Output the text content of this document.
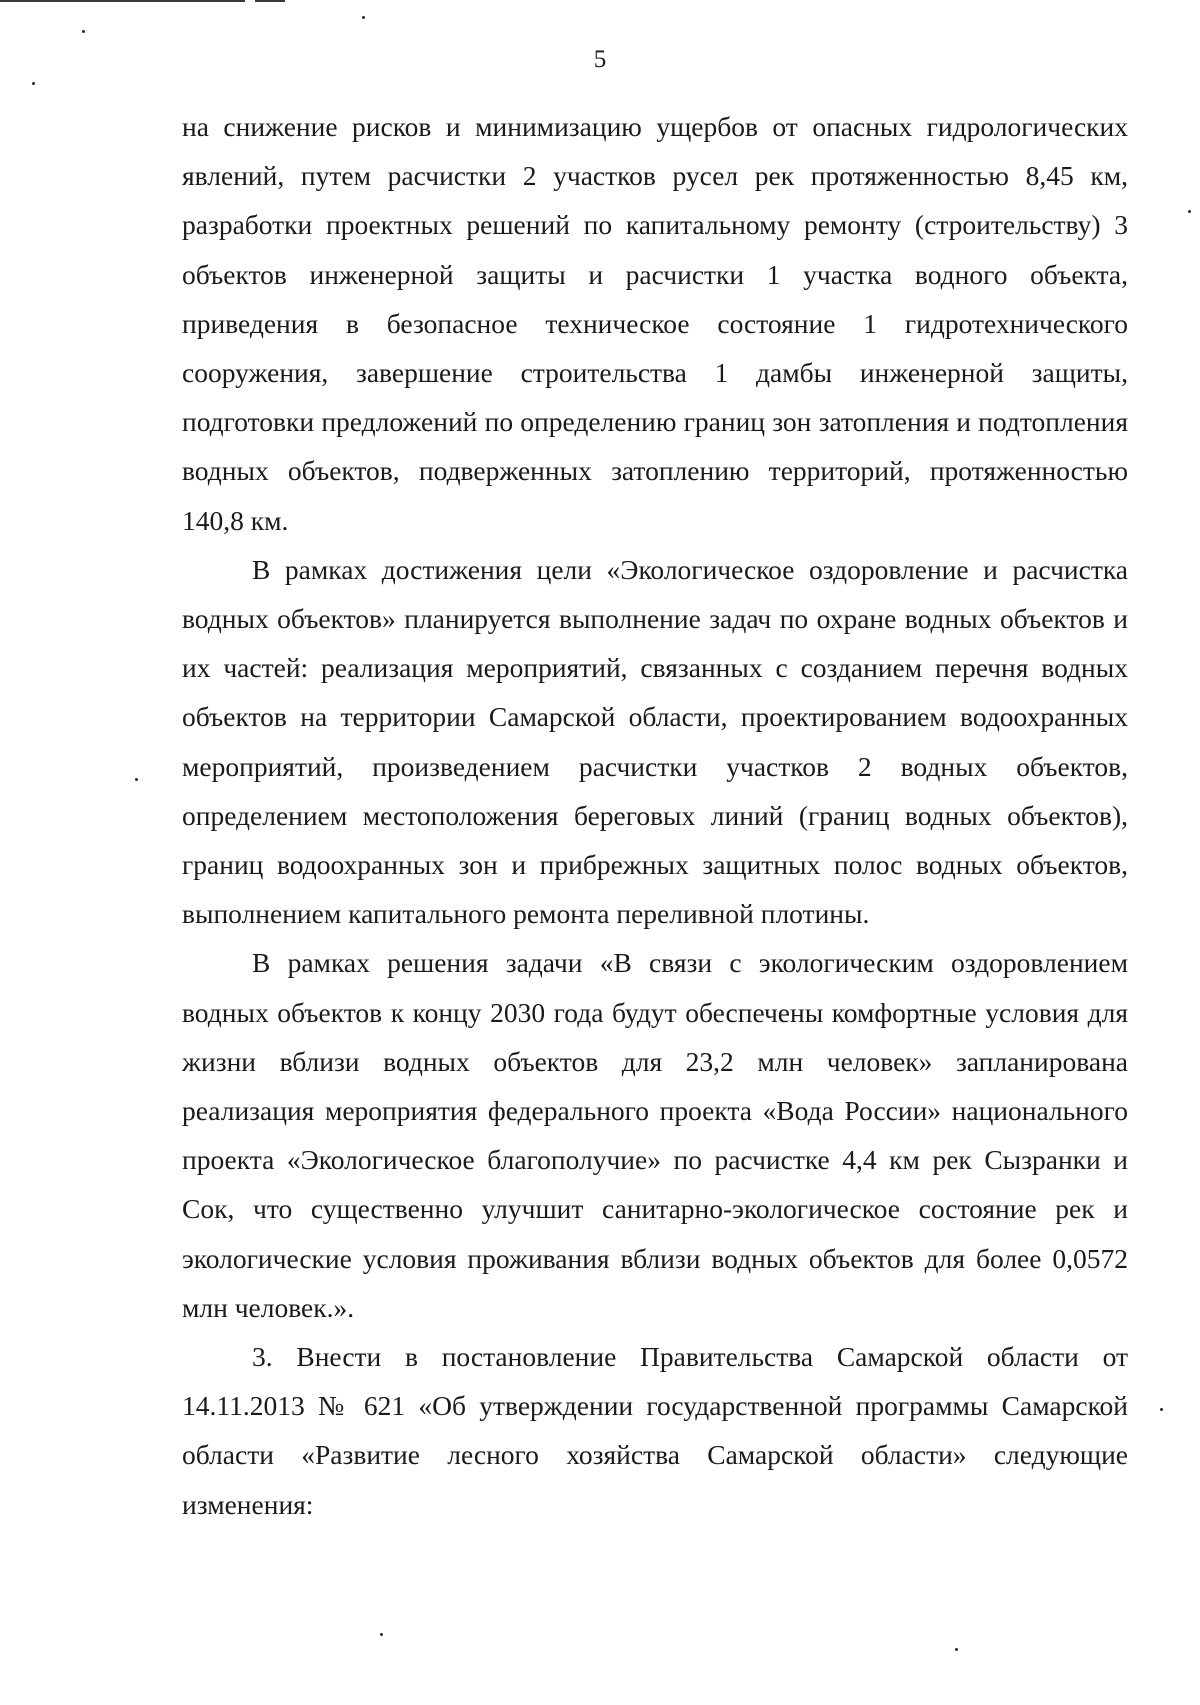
5

на снижение рисков и минимизацию ущербов от опасных гидрологических явлений, путем расчистки 2 участков русел рек протяженностью 8,45 км, разработки проектных решений по капитальному ремонту (строительству) 3 объектов инженерной защиты и расчистки 1 участка водного объекта, приведения в безопасное техническое состояние 1 гидротехнического сооружения, завершение строительства 1 дамбы инженерной защиты, подготовки предложений по определению границ зон затопления и подтопления водных объектов, подверженных затоплению территорий, протяженностью 140,8 км.

В рамках достижения цели «Экологическое оздоровление и расчистка водных объектов» планируется выполнение задач по охране водных объектов и их частей: реализация мероприятий, связанных с созданием перечня водных объектов на территории Самарской области, проектированием водоохранных мероприятий, произведением расчистки участков 2 водных объектов, определением местоположения береговых линий (границ водных объектов), границ водоохранных зон и прибрежных защитных полос водных объектов, выполнением капитального ремонта переливной плотины.

В рамках решения задачи «В связи с экологическим оздоровлением водных объектов к концу 2030 года будут обеспечены комфортные условия для жизни вблизи водных объектов для 23,2 млн человек» запланирована реализация мероприятия федерального проекта «Вода России» национального проекта «Экологическое благополучие» по расчистке 4,4 км рек Сызранки и Сок, что существенно улучшит санитарно-экологическое состояние рек и экологические условия проживания вблизи водных объектов для более 0,0572 млн человек.».

3. Внести в постановление Правительства Самарской области от 14.11.2013 № 621 «Об утверждении государственной программы Самарской области «Развитие лесного хозяйства Самарской области» следующие изменения:
